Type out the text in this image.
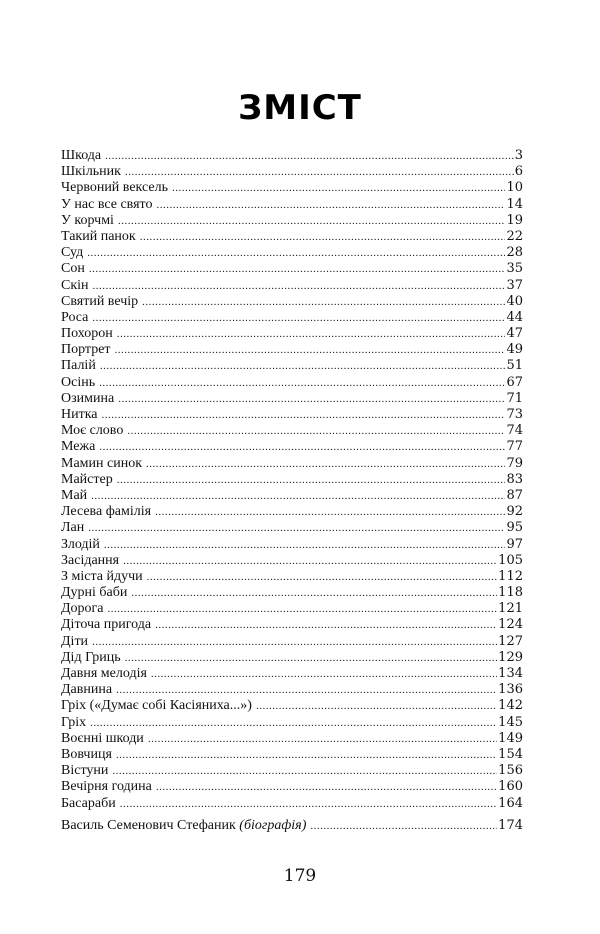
ЗМІСТ
Шкода .....	3
Шкільник .....	6
Червоний вексель .....	10
У нас все свято .....	14
У корчмі .....	19
Такий панок .....	22
Суд .....	28
Сон .....	35
Скін .....	37
Святий вечір .....	40
Роса .....	44
Похорон .....	47
Портрет .....	49
Палій .....	51
Осінь .....	67
Озимина .....	71
Нитка .....	73
Моє слово .....	74
Межа .....	77
Мамин синок .....	79
Майстер .....	83
Май .....	87
Лесева фамілія .....	92
Лан .....	95
Злодій .....	97
Засідання .....	105
З міста йдучи .....	112
Дурні баби .....	118
Дорога .....	121
Діточа пригода .....	124
Діти .....	127
Дід Гриць .....	129
Давня мелодія .....	134
Давнина .....	136
Гріх («Думає собі Касіяниха...») .....	142
Гріх .....	145
Воєнні шкоди .....	149
Вовчиця .....	154
Вістуни .....	156
Вечірня година .....	160
Басараби .....	164
Василь Семенович Стефаник (біографія) .....	174
179
